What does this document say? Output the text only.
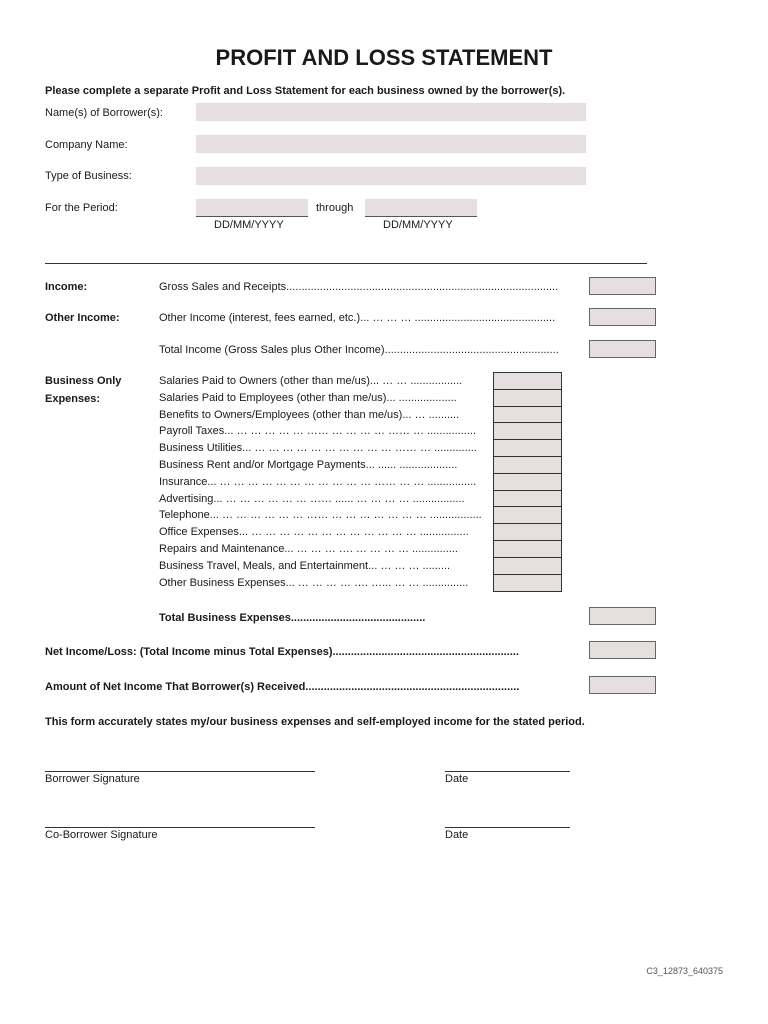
PROFIT AND LOSS STATEMENT
Please complete a separate Profit and Loss Statement for each business owned by the borrower(s).
Name(s) of Borrower(s):
Company Name:
Type of Business:
For the Period:	through
DD/MM/YYYY	DD/MM/YYYY
Income:	Gross Sales and Receipts.........................................................................................
Other Income:	Other Income (interest, fees earned, etc.)... … … … ..............................................
Total Income (Gross Sales plus Other Income).........................................................
Business Only
Expenses:
Salaries Paid to Owners (other than me/us)... … … .................
Salaries Paid to Employees (other than me/us)... ...................
Benefits to Owners/Employees (other than me/us)... … ..........
Payroll Taxes... … … … … … …… … … … … …… … ................
Business Utilities... … … … … … … … … … … …… … ..............
Business Rent and/or Mortgage Payments... ...... ...................
Insurance... … … … … … … … … … … … …… … … ................
Advertising... … … … … … … …… ...... … … … … .................
Telephone... … … … … … … …… … … … … … … … .................
Office Expenses... … … … … … … … … … … … … ................
Repairs and Maintenance... … … … …. … … … … ...............
Business Travel, Meals, and Entertainment... … … … .........
Other Business Expenses... … … … … …. …... … … ...............
Total Business Expenses............................................
Net Income/Loss: (Total Income minus Total Expenses).............................................................
Amount of Net Income That Borrower(s) Received......................................................................
This form accurately states my/our business expenses and self-employed income for the stated period.
Borrower Signature	Date
Co-Borrower Signature	Date
C3_12873_640375
